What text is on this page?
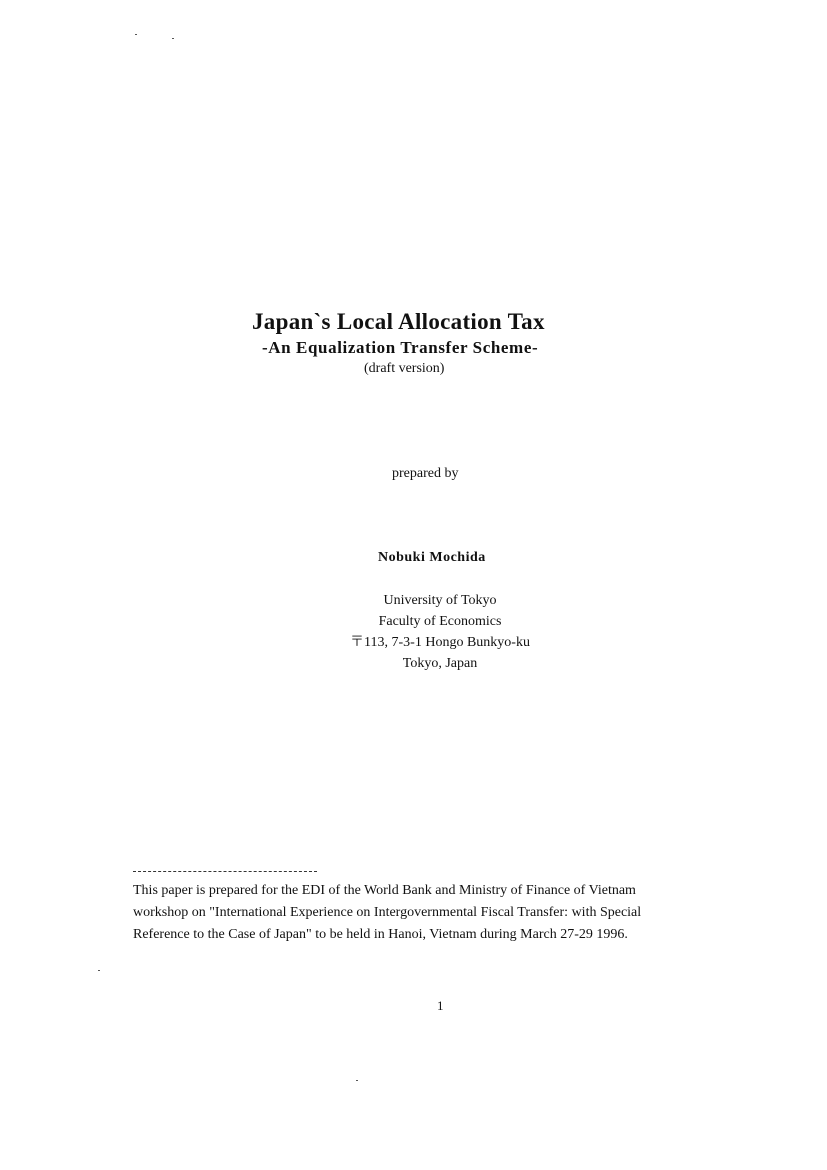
Japan`s Local Allocation Tax
-An Equalization Transfer Scheme-
(draft version)
prepared by
Nobuki Mochida
University of Tokyo
Faculty of Economics
〒113, 7-3-1 Hongo Bunkyo-ku
Tokyo, Japan
This paper is prepared for the EDI of the World Bank and Ministry of Finance of Vietnam
workshop on "International Experience on Intergovernmental Fiscal Transfer: with Special
Reference to the Case of Japan" to be held in Hanoi, Vietnam during March 27-29 1996.
1
